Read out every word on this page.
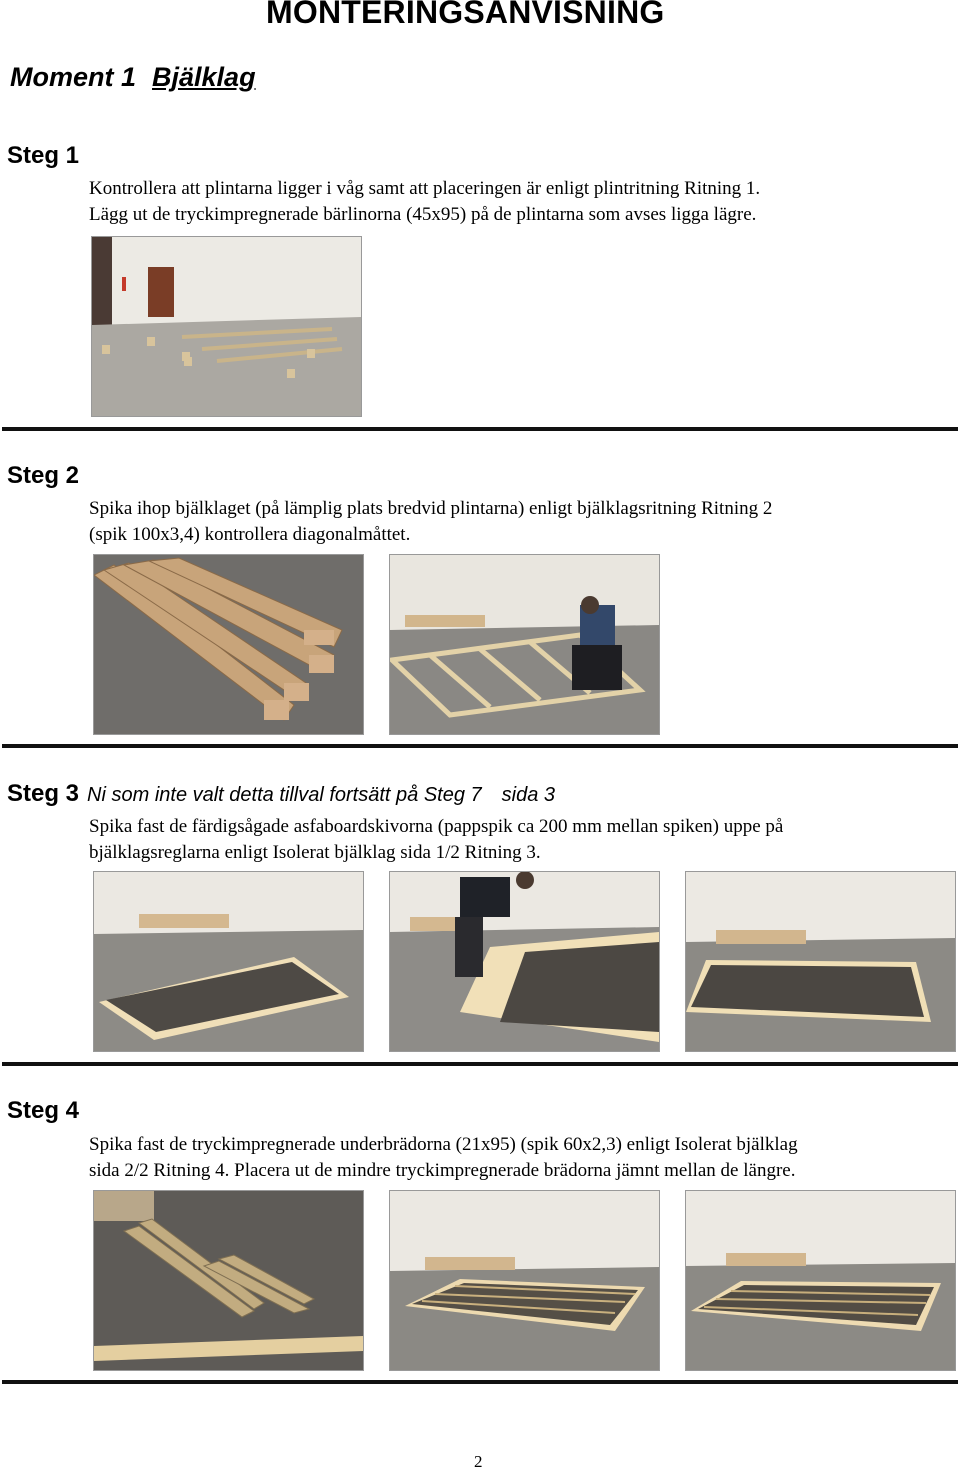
MONTERINGSANVISNING
Moment 1 Bjälklag
Steg 1
Kontrollera att plintarna ligger i våg samt att placeringen är enligt plintritning Ritning 1.
Lägg ut de tryckimpregnerade bärlinorna (45x95) på de plintarna som avses ligga lägre.
Steg 2
Spika ihop bjälklaget (på lämplig plats bredvid plintarna) enligt bjälklagsritning Ritning 2
(spik 100x3,4) kontrollera diagonalmåttet.
Steg 3 Ni som inte valt detta tillval fortsätt på Steg 7 sida 3
Spika fast de färdigsågade asfaboardskivorna (pappspik ca 200 mm mellan spiken) uppe på
bjälklagsreglarna enligt Isolerat bjälklag sida 1/2 Ritning 3.
Steg 4
Spika fast de tryckimpregnerade underbrädorna (21x95) (spik 60x2,3) enligt Isolerat bjälklag
sida 2/2 Ritning 4. Placera ut de mindre tryckimpregnerade brädorna jämnt mellan de längre.
2
